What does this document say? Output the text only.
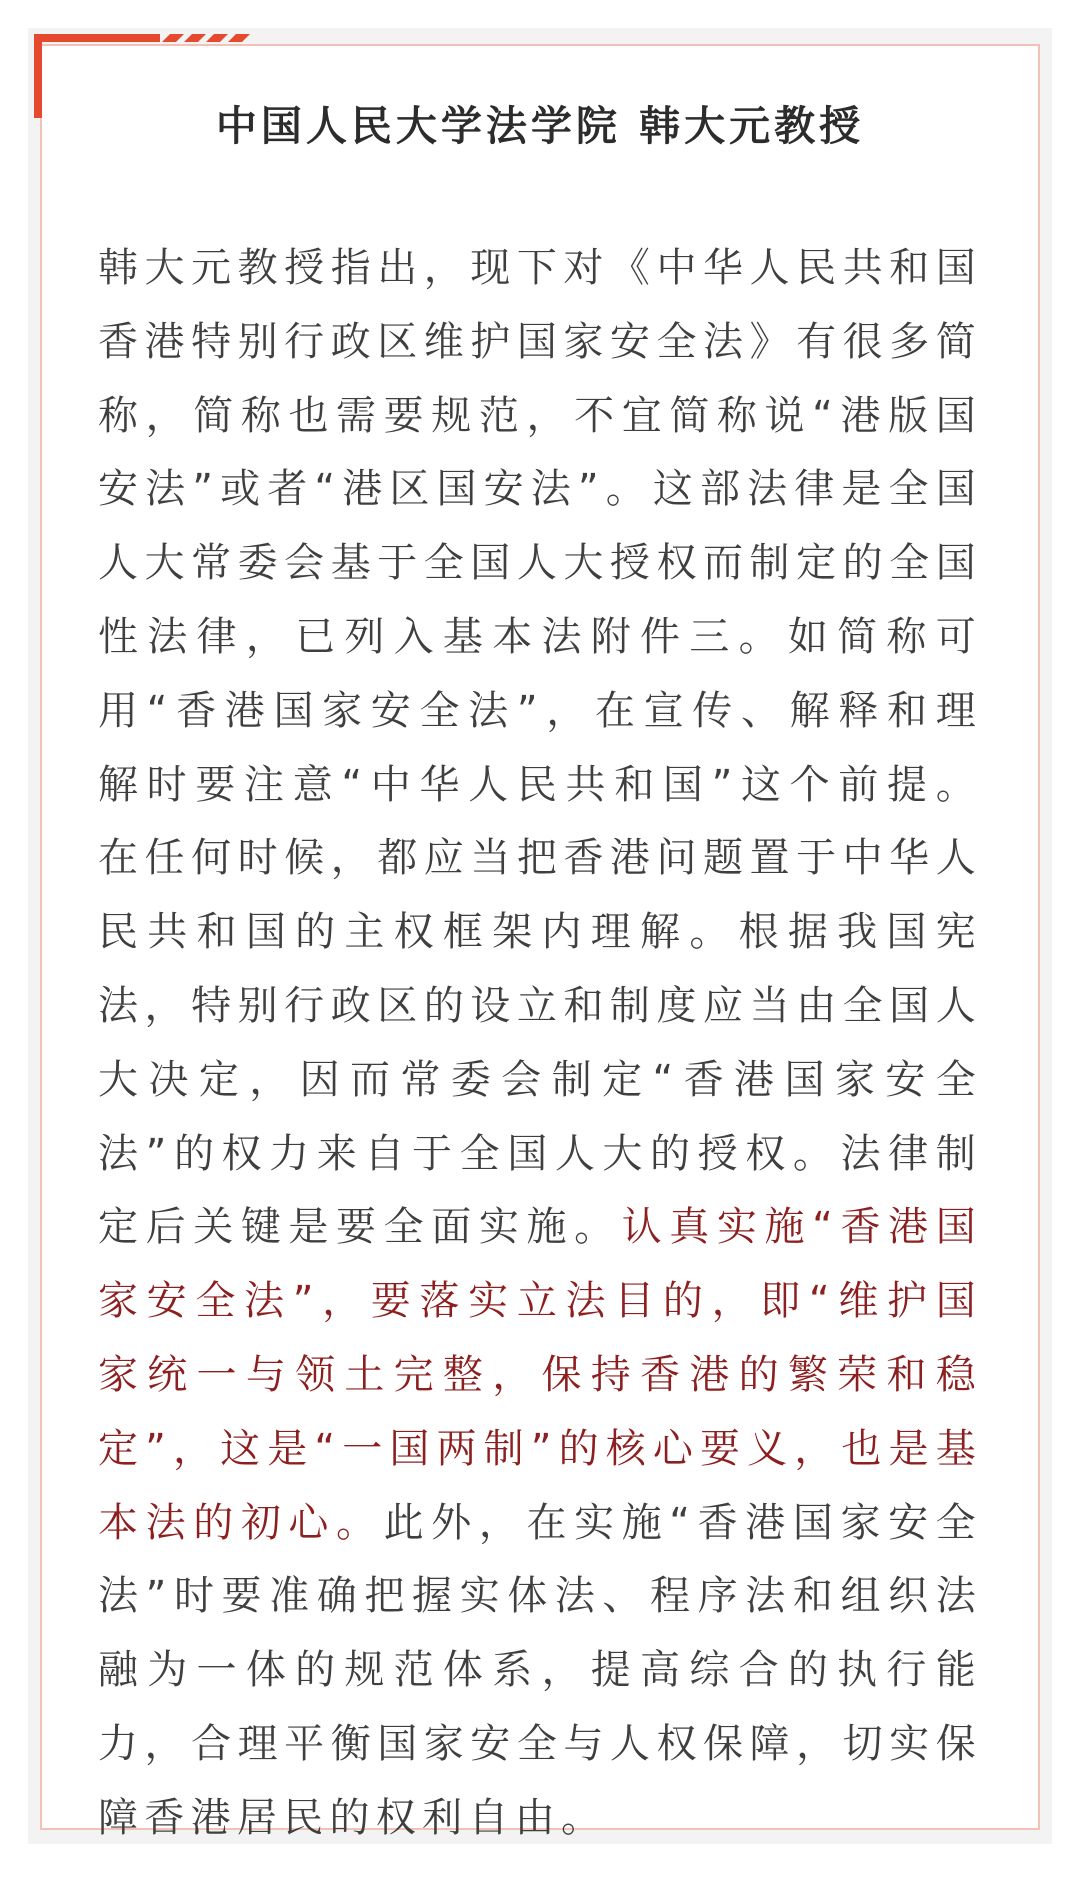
中国人民大学法学院 韩大元教授

韩大元教授指出，现下对《中华人民共和国香港特别行政区维护国家安全法》有很多简称，简称也需要规范，不宜简称说“港版国安法”或者“港区国安法”。这部法律是全国人大常委会基于全国人大授权而制定的全国性法律，已列入基本法附件三。如简称可用“香港国家安全法”，在宣传、解释和理解时要注意“中华人民共和国”这个前提。在任何时候，都应当把香港问题置于中华人民共和国的主权框架内理解。根据我国宪法，特别行政区的设立和制度应当由全国人大决定，因而常委会制定“香港国家安全法”的权力来自于全国人大的授权。法律制定后关键是要全面实施。认真实施“香港国家安全法”，要落实立法目的，即“维护国家统一与领土完整，保持香港的繁荣和稳定”，这是“一国两制”的核心要义，也是基本法的初心。此外，在实施“香港国家安全法”时要准确把握实体法、程序法和组织法融为一体的规范体系，提高综合的执行能力，合理平衡国家安全与人权保障，切实保障香港居民的权利自由。
